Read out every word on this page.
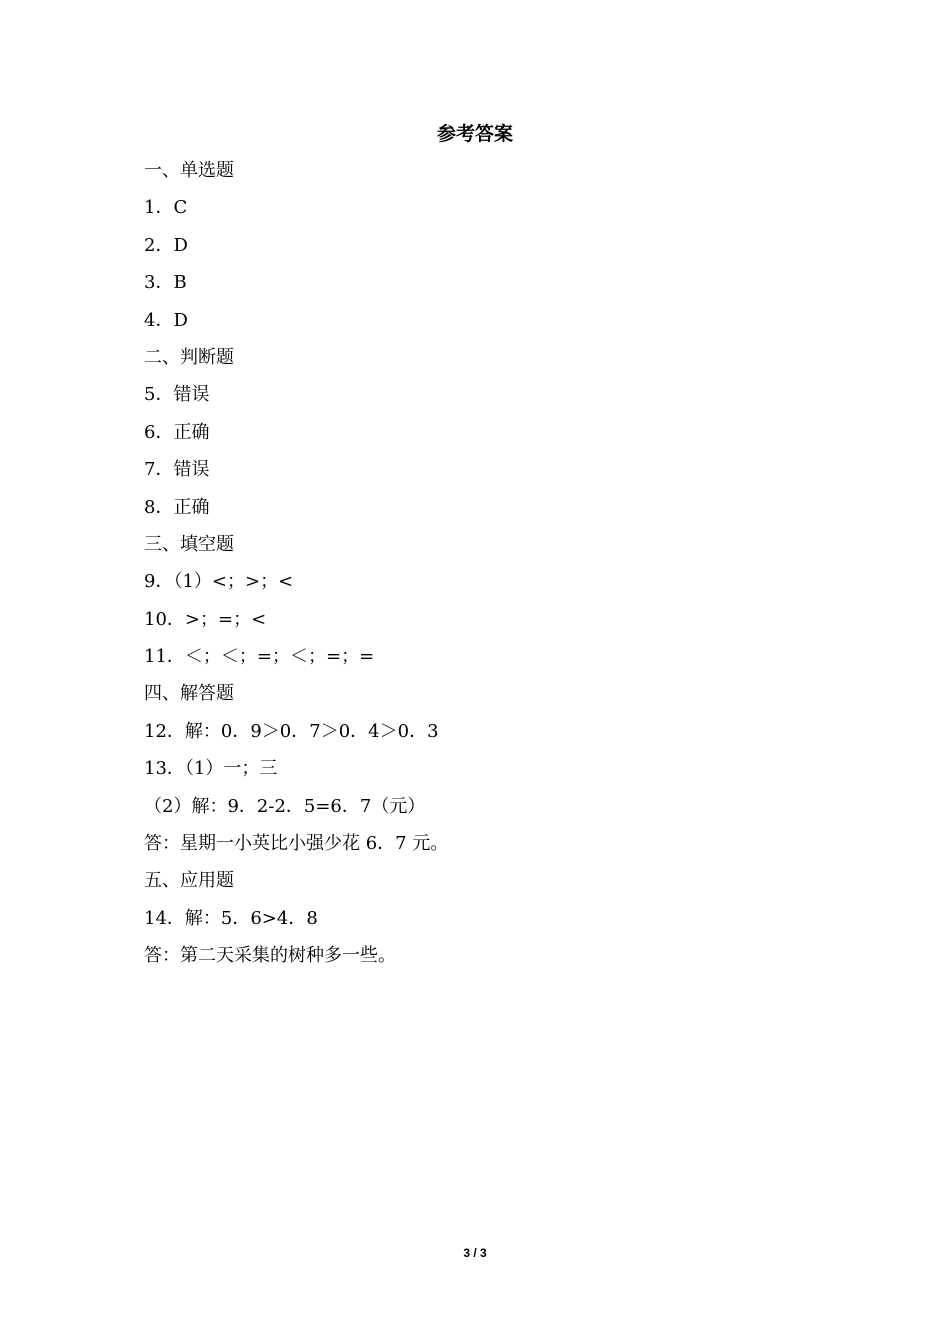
参考答案
一、单选题
1．C
2．D
3．B
4．D
二、判断题
5．错误
6．正确
7．错误
8．正确
三、填空题
9．（1）<；>；<
10．>；=；<
11．＜；＜；=；＜；=；=
四、解答题
12．解：0．9＞0．7＞0．4＞0．3
13．（1）一；三
（2）解：9．2-2．5=6．7（元）
答：星期一小英比小强少花 6．7 元。
五、应用题
14．解：5．6>4．8
答：第二天采集的树种多一些。
3 / 3
